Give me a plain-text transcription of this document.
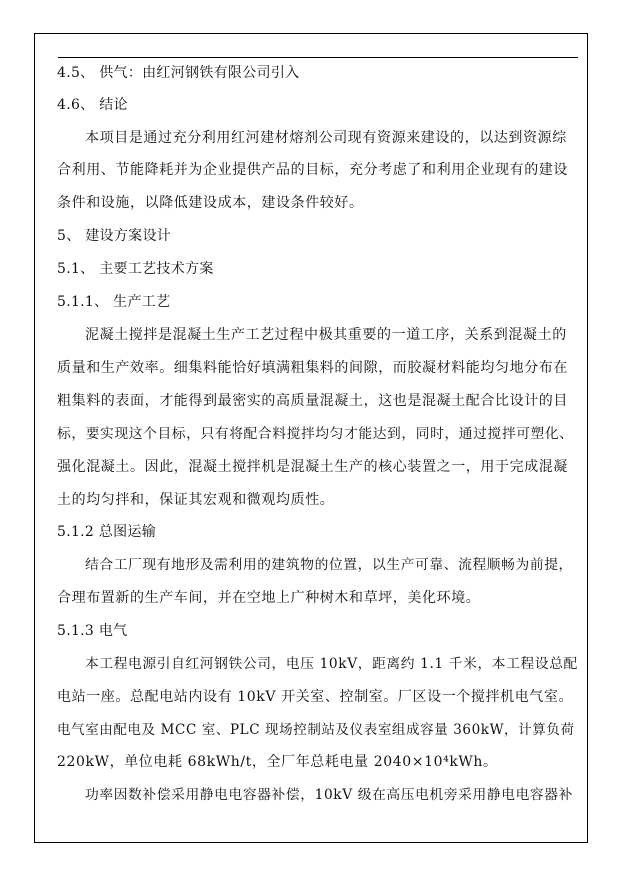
4.5、 供气：由红河钢铁有限公司引入
4.6、 结论
本项目是通过充分利用红河建材熔剂公司现有资源来建设的，以达到资源综
合利用、节能降耗并为企业提供产品的目标，充分考虑了和利用企业现有的建设
条件和设施，以降低建设成本，建设条件较好。
5、 建设方案设计
5.1、 主要工艺技术方案
5.1.1、 生产工艺
泥凝土搅拌是混凝土生产工艺过程中极其重要的一道工序，关系到混凝土的
质量和生产效率。细集料能恰好填满粗集料的间隙，而胶凝材料能均匀地分布在
粗集料的表面，才能得到最密实的高质量混凝土，这也是混凝土配合比设计的目
标，要实现这个目标，只有将配合料搅拌均匀才能达到，同时，通过搅拌可塑化、
强化混凝土。因此，混凝土搅拌机是混凝土生产的核心装置之一，用于完成混凝
土的均匀拌和，保证其宏观和微观均质性。
5.1.2 总图运输
结合工厂现有地形及需利用的建筑物的位置，以生产可靠、流程顺畅为前提，
合理布置新的生产车间，并在空地上广种树木和草坪，美化环境。
5.1.3 电气
本工程电源引自红河钢铁公司，电压 10kV，距离约 1.1 千米，本工程设总配
电站一座。总配电站内设有 10kV 开关室、控制室。厂区设一个搅拌机电气室。
电气室由配电及 MCC 室、PLC 现场控制站及仪表室组成容量 360kW，计算负荷
220kW，单位电耗 68kWh/t，全厂年总耗电量 2040×10⁴kWh。
功率因数补偿采用静电电容器补偿，10kV 级在高压电机旁采用静电电容器补
